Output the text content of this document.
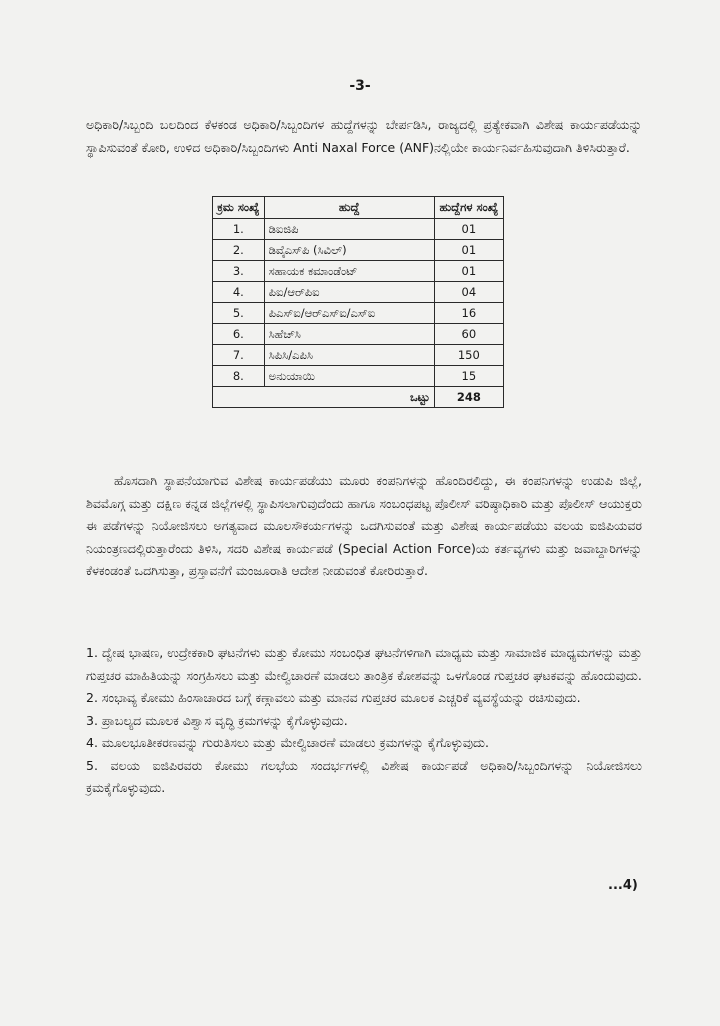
-3-
ಅಧಿಕಾರಿ/ಸಿಬ್ಬಂದಿ ಬಲದಿಂದ ಕೆಳಕಂಡ ಅಧಿಕಾರಿ/ಸಿಬ್ಬಂದಿಗಳ ಹುದ್ದೆಗಳನ್ನು ಬೇರ್ಪಡಿಸಿ, ರಾಜ್ಯದಲ್ಲಿ ಪ್ರತ್ಯೇಕವಾಗಿ ವಿಶೇಷ ಕಾರ್ಯಪಡೆಯನ್ನು ಸ್ಥಾಪಿಸುವಂತೆ ಕೋರಿ, ಉಳಿದ ಅಧಿಕಾರಿ/ಸಿಬ್ಬಂದಿಗಳು Anti Naxal Force (ANF)ನಲ್ಲಿಯೇ ಕಾರ್ಯನಿರ್ವಹಿಸುವುದಾಗಿ ತಿಳಿಸಿರುತ್ತಾರೆ.
ಕ್ರಮ ಸಂಖ್ಯೆ	ಹುದ್ದೆ	ಹುದ್ದೆಗಳ ಸಂಖ್ಯೆ
1.	ಡಿಐಜಿಪಿ	01
2.	ಡಿವೈಎಸ್‌ಪಿ (ಸಿವಿಲ್)	01
3.	ಸಹಾಯಕ ಕಮಾಂಡೆಂಟ್	01
4.	ಪಿಐ/ಆರ್‌ಪಿಐ	04
5.	ಪಿಎಸ್‌ಐ/ಆರ್‌ಎಸ್‌ಐ/ಎಸ್‌ಐ	16
6.	ಸಿಹೆಚ್‌ಸಿ	60
7.	ಸಿಪಿಸಿ/ಎಪಿಸಿ	150
8.	ಅನುಯಾಯಿ	15
ಒಟ್ಟು		248
ಹೊಸದಾಗಿ ಸ್ಥಾಪನೆಯಾಗುವ ವಿಶೇಷ ಕಾರ್ಯಪಡೆಯು ಮೂರು ಕಂಪನಿಗಳನ್ನು ಹೊಂದಿರಲಿದ್ದು, ಈ ಕಂಪನಿಗಳನ್ನು ಉಡುಪಿ ಜಿಲ್ಲೆ, ಶಿವಮೊಗ್ಗ ಮತ್ತು ದಕ್ಷಿಣ ಕನ್ನಡ ಜಿಲ್ಲೆಗಳಲ್ಲಿ ಸ್ಥಾಪಿಸಲಾಗುವುದೆಂದು ಹಾಗೂ ಸಂಬಂಧಪಟ್ಟ ಪೊಲೀಸ್ ವರಿಷ್ಠಾಧಿಕಾರಿ ಮತ್ತು ಪೊಲೀಸ್ ಆಯುಕ್ತರು ಈ ಪಡೆಗಳನ್ನು ನಿಯೋಜಿಸಲು ಅಗತ್ಯವಾದ ಮೂಲಸೌಕರ್ಯಗಳನ್ನು ಒದಗಿಸುವಂತೆ ಮತ್ತು ವಿಶೇಷ ಕಾರ್ಯಪಡೆಯು ವಲಯ ಐಜಿಪಿಯವರ ನಿಯಂತ್ರಣದಲ್ಲಿರುತ್ತಾರೆಂದು ತಿಳಿಸಿ, ಸದರಿ ವಿಶೇಷ ಕಾರ್ಯಪಡೆ (Special Action Force)ಯ ಕರ್ತವ್ಯಗಳು ಮತ್ತು ಜವಾಬ್ದಾರಿಗಳನ್ನು ಕೆಳಕಂಡಂತೆ ಒದಗಿಸುತ್ತಾ, ಪ್ರಸ್ತಾವನೆಗೆ ಮಂಜೂರಾತಿ ಆದೇಶ ನೀಡುವಂತೆ ಕೋರಿರುತ್ತಾರೆ.
1. ದ್ವೇಷ ಭಾಷಣ, ಉದ್ರೇಕಕಾರಿ ಘಟನೆಗಳು ಮತ್ತು ಕೋಮು ಸಂಬಂಧಿತ ಘಟನೆಗಳಿಗಾಗಿ ಮಾಧ್ಯಮ ಮತ್ತು ಸಾಮಾಜಿಕ ಮಾಧ್ಯಮಗಳನ್ನು ಮತ್ತು ಗುಪ್ತಚರ ಮಾಹಿತಿಯನ್ನು ಸಂಗ್ರಹಿಸಲು ಮತ್ತು ಮೇಲ್ವಿಚಾರಣೆ ಮಾಡಲು ತಾಂತ್ರಿಕ ಕೋಶವನ್ನು ಒಳಗೊಂಡ ಗುಪ್ತಚರ ಘಟಕವನ್ನು ಹೊಂದುವುದು.
2. ಸಂಭಾವ್ಯ ಕೋಮು ಹಿಂಸಾಚಾರದ ಬಗ್ಗೆ ಕಣ್ಗಾವಲು ಮತ್ತು ಮಾನವ ಗುಪ್ತಚರ ಮೂಲಕ ಎಚ್ಚರಿಕೆ ವ್ಯವಸ್ಥೆಯನ್ನು ರಚಿಸುವುದು.
3. ಪ್ರಾಬಲ್ಯದ ಮೂಲಕ ವಿಶ್ವಾಸ ವೃದ್ಧಿ ಕ್ರಮಗಳನ್ನು ಕೈಗೊಳ್ಳುವುದು.
4. ಮೂಲಭೂತೀಕರಣವನ್ನು ಗುರುತಿಸಲು ಮತ್ತು ಮೇಲ್ವಿಚಾರಣೆ ಮಾಡಲು ಕ್ರಮಗಳನ್ನು ಕೈಗೊಳ್ಳುವುದು.
5. ವಲಯ ಐಜಿಪಿರವರು ಕೋಮು ಗಲಭೆಯ ಸಂದರ್ಭಗಳಲ್ಲಿ ವಿಶೇಷ ಕಾರ್ಯಪಡೆ ಅಧಿಕಾರಿ/ಸಿಬ್ಬಂದಿಗಳನ್ನು ನಿಯೋಜಿಸಲು ಕ್ರಮಕೈಗೊಳ್ಳುವುದು.
...4)
